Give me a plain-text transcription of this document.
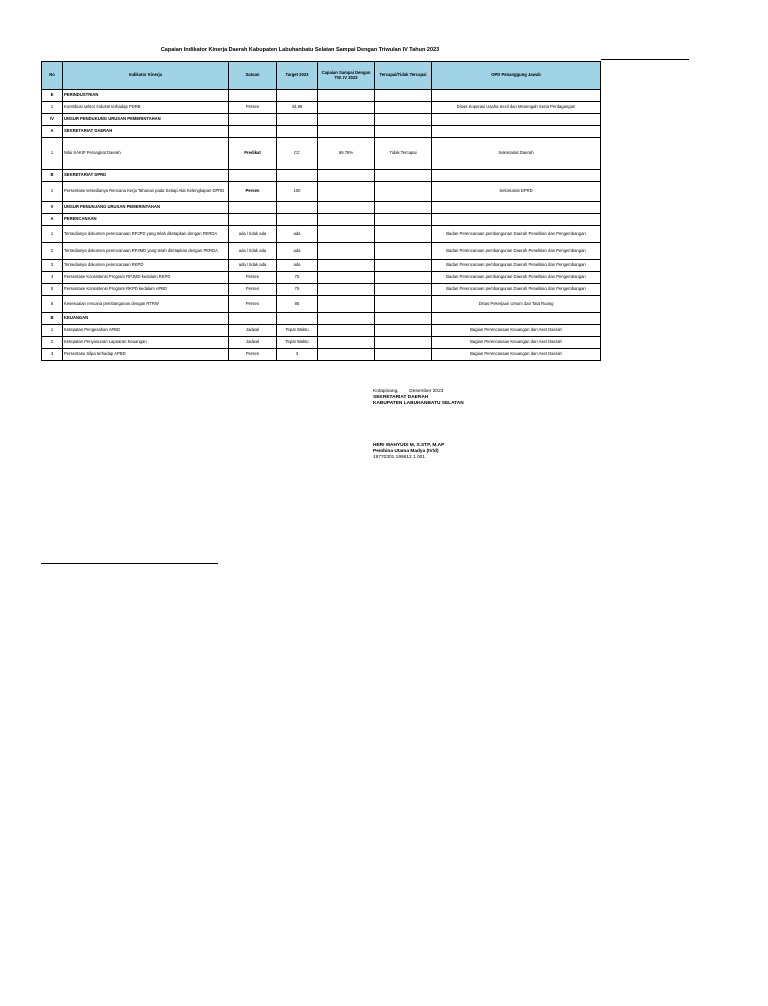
Capaian Indikator Kinerja Daerah Kabupaten Labuhanbatu Selatan Sampai Dengan Triwulan IV Tahun 2023
No	Indikator Kinerja	Satuan	Target 2023	Capaian Sampai Dengan TW. IV 2023	Tercapai/Tidak Tercapai	OPD Penanggung Jawab
E	PERINDUSTRIAN					
1	Kontribusi sektor Industri terhadap PDRB	Persen	44,95			Dinas Koperasi Usaha Kecil dan Menengah Serta Perdagangan
IV	UNSUR PENDUKUNG URUSAN PEMERINTAHAN					
A	SEKRETARIAT DAERAH					
1	Nilai SAKIP Perangkat Daerah	Predikat	CC	66.76%	Tidak Tercapai	Sekretariat Daerah
B	SEKRETARIAT DPRD					
1	Persentase tersedianya Rencana Kerja Tahunan pada Setiap Alat Kelengkapan DPRD	Persen	100			Sekretariat DPRD
V	UNSUR PENUNJANG URUSAN PEMERINTAHAN					
A	PERENCANAAN					
1	Tersedianya dokumen perencanaan RPJPD yang telah ditetapkan dengan PERDA	ada / tidak ada	ada			Badan Perencanaan pembangunan Daerah Penelitian dan Pengembangan
2	Tersedianya dokumen perencanaan RPJMD yang telah ditetapkan dengan PERDA	ada / tidak ada	ada			Badan Perencanaan pembangunan Daerah Penelitian dan Pengembangan
3	Tersedianya dokumen perencanaan RKPD	ada / tidak ada	ada			Badan Perencanaan pembangunan Daerah Penelitian dan Pengembangan
4	Persentase Konsistensi Program RPJMD kedalam RKPD	Persen	75			Badan Perencanaan pembangunan Daerah Penelitian dan Pengembangan
5	Persentase Konsistensi Program RKPD kedalam APBD	Persen	75			Badan Perencanaan pembangunan Daerah Penelitian dan Pengembangan
6	Kesesuaian rencana pembangunan dengan RTRW	Persen	85			Dinas Pekerjaan Umum dan Tata Ruang
B	KEUANGAN					
1	Ketepatan Pengesahan APBD	Jadwal	Tepat Waktu			Bagian Perencanaan Keuangan dan Aset Daerah
2	Ketepatan Penyusunan Lapoaran Keuangan	Jadwal	Tepat Waktu			Bagian Perencanaan Keuangan dan Aset Daerah
3	Persentase Silpa terhadap APBD	Persen	3			Bagian Perencanaan Keuangan dan Aset Daerah
Kotapinang,        Desember 2023
SEKRETARIAT DAERAH
KABUPATEN LABUHANBATU SELATAN
HERI WAHYUDI M, S.STP, M.AP
Pembina Utama Madya (IV/d)
19770301 199612 1 001
